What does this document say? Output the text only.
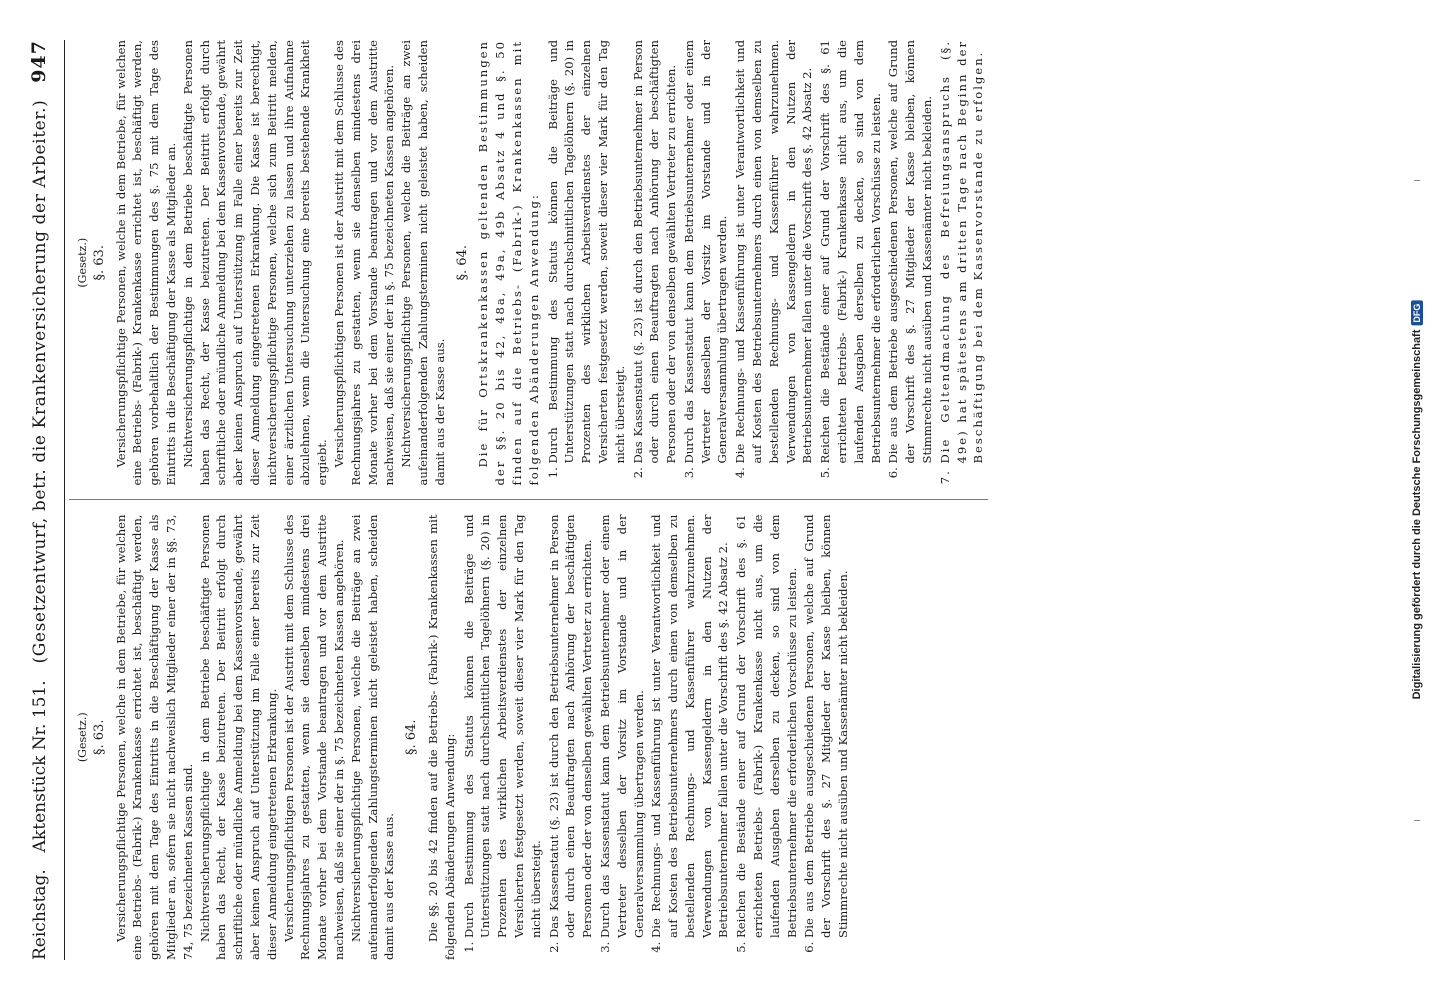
Reichstag.
Aktenstück Nr. 151.
(Gesetzentwurf, betr. die Krankenversicherung der Arbeiter.)
947
(Gesetz.) §. 63. Versicherungspflichtige Personen, welche in dem Betriebe, für welchen eine Betriebs- (Fabrik-) Krankenkasse errichtet ist, beschäftigt werden, gehören mit dem Tage des Eintritts in die Beschäftigung der Kasse als Mitglieder an, sofern sie nicht nachweislich Mitglieder einer der in §§. 73, 74, 75 bezeichneten Kassen sind. Nichtversicherungspflichtige in dem Betriebe beschäftigte Personen haben das Recht, der Kasse beizutreten. Der Beitritt erfolgt durch schriftliche oder mündliche Anmeldung bei dem Kassenvorstande, gewährt aber keinen Anspruch auf Unterstützung im Falle einer bereits zur Zeit dieser Anmeldung eingetretenen Erkrankung. Versicherungspflichtigen Personen ist der Austritt mit dem Schlusse des Rechnungsjahres zu gestatten, wenn sie denselben mindestens drei Monate vorher bei dem Vorstande beantragen und vor dem Austritte nachweisen, daß sie einer der in §. 75 bezeichneten Kassen angehören. Nichtversicherungspflichtige Personen, welche die Beiträge an zwei aufeinanderfolgenden Zahlungsterminen nicht geleistet haben, scheiden damit aus der Kasse aus.

§. 64. Die §§. 20 bis 42 finden auf die Betriebs- (Fabrik-) Krankenkassen mit folgenden Abänderungen Anwendung: 1. Durch Bestimmung des Statuts können die Beiträge und Unterstützungen statt nach durchschnittlichen Tagelöhnern (§. 20) in Prozenten des wirklichen Arbeitsverdienstes der einzelnen Versicherten festgesetzt werden, soweit dieser vier Mark für den Tag nicht übersteigt. 2. Das Kassenstatut (§. 23) ist durch den Betriebsunternehmer in Person oder durch einen Beauftragten nach Anhörung der beschäftigten Personen oder der von denselben gewählten Vertreter zu errichten. 3. Durch das Kassenstatut kann dem Betriebsunternehmer oder einem Vertreter desselben der Vorsitz im Vorstande und in der Generalversammlung übertragen werden. 4. Die Rechnungs- und Kassenführung ist unter Verantwortlichkeit und auf Kosten des Betriebsunternehmers durch einen von demselben zu bestellenden Rechnungs- und Kassenführer wahrzunehmen. Verwendungen von Kassengeldern in den Nutzen der Betriebsunternehmer fallen unter die Vorschrift des §. 42 Absatz 2. 5. Reichen die Bestände einer auf Grund der Vorschrift des §. 61 errichteten Betriebs- (Fabrik-) Krankenkasse nicht aus, um die laufenden Ausgaben derselben zu decken, so sind von dem Betriebsunternehmer die erforderlichen Vorschüsse zu leisten. 6. Die aus dem Betriebe ausgeschiedenen Personen, welche auf Grund der Vorschrift des §. 27 Mitglieder der Kasse bleiben, können Stimmrechte nicht ausüben und Kassenämter nicht bekleiden.
(Gesetz.) §. 63. Versicherungspflichtige Personen, welche in dem Betriebe, für welchen eine Betriebs- (Fabrik-) Krankenkasse errichtet ist, beschäftigt werden, gehören vorbehaltlich der Bestimmungen des §. 75 mit dem Tage des Eintritts in die Beschäftigung der Kasse als Mitglieder an. Nichtversicherungspflichtige in dem Betriebe beschäftigte Personen haben das Recht, der Kasse beizutreten. Der Beitritt erfolgt durch schriftliche oder mündliche Anmeldung bei dem Kassenvorstande, gewährt aber keinen Anspruch auf Unterstützung im Falle einer bereits zur Zeit dieser Anmeldung eingetretenen Erkrankung. Die Kasse ist berechtigt, nichtversicherungspflichtige Personen, welche sich zum Beitritt melden, einer ärztlichen Untersuchung unterziehen zu lassen und ihre Aufnahme abzulehnen, wenn die Untersuchung eine bereits bestehende Krankheit ergiebt. Versicherungspflichtigen Personen ist der Austritt mit dem Schlusse des Rechnungsjahres zu gestatten, wenn sie denselben mindestens drei Monate vorher bei dem Vorstande beantragen und vor dem Austritte nachweisen, daß sie einer der in §. 75 bezeichneten Kassen angehören. Nichtversicherungspflichtige Personen, welche die Beiträge an zwei aufeinanderfolgenden Zahlungsterminen nicht geleistet haben, scheiden damit aus der Kasse aus.

§. 64. Die für Ortskrankenkassen geltenden Bestimmungen der §§. 20 bis 42, 48a, 49a, 49b Absatz 4 und §. 50 finden auf die Betriebs- (Fabrik-) Krankenkassen mit folgenden Abänderungen Anwendung: 1. Durch Bestimmung des Statuts können die Beiträge und Unterstützungen statt nach durchschnittlichen Tagelöhnern (§. 20) in Prozenten des wirklichen Arbeitsverdienstes der einzelnen Versicherten festgesetzt werden, soweit dieser vier Mark für den Tag nicht übersteigt. 2. Das Kassenstatut (§. 23) ist durch den Betriebsunternehmer in Person oder durch einen Beauftragten nach Anhörung der beschäftigten Personen oder der von denselben gewählten Vertreter zu errichten. 3. Durch das Kassenstatut kann dem Betriebsunternehmer oder einem Vertreter desselben der Vorsitz im Vorstande und in der Generalversammlung übertragen werden. 4. Die Rechnungs- und Kassenführung ist unter Verantwortlichkeit und auf Kosten des Betriebsunternehmers durch einen von demselben zu bestellenden Rechnungs- und Kassenführer wahrzunehmen. Verwendungen von Kassengeldern in den Nutzen der Betriebsunternehmer fallen unter die Vorschrift des §. 42 Absatz 2. 5. Reichen die Bestände einer auf Grund der Vorschrift des §. 61 errichteten Betriebs- (Fabrik-) Krankenkasse nicht aus, um die laufenden Ausgaben derselben zu decken, so sind von dem Betriebsunternehmer die erforderlichen Vorschüsse zu leisten. 6. Die aus dem Betriebe ausgeschiedenen Personen, welche auf Grund der Vorschrift des §. 27 Mitglieder der Kasse bleiben, können Stimmrechte nicht ausüben und Kassenämter nicht bekleiden. 7. Die Geltendmachung des Befreiungsanspruchs (§. 49e) hat spätestens am dritten Tage nach Beginn der Beschäftigung bei dem Kassenvorstande zu erfolgen.
Digitalisierung gefördert durch die Deutsche Forschungsgemeinschaft
DFG
